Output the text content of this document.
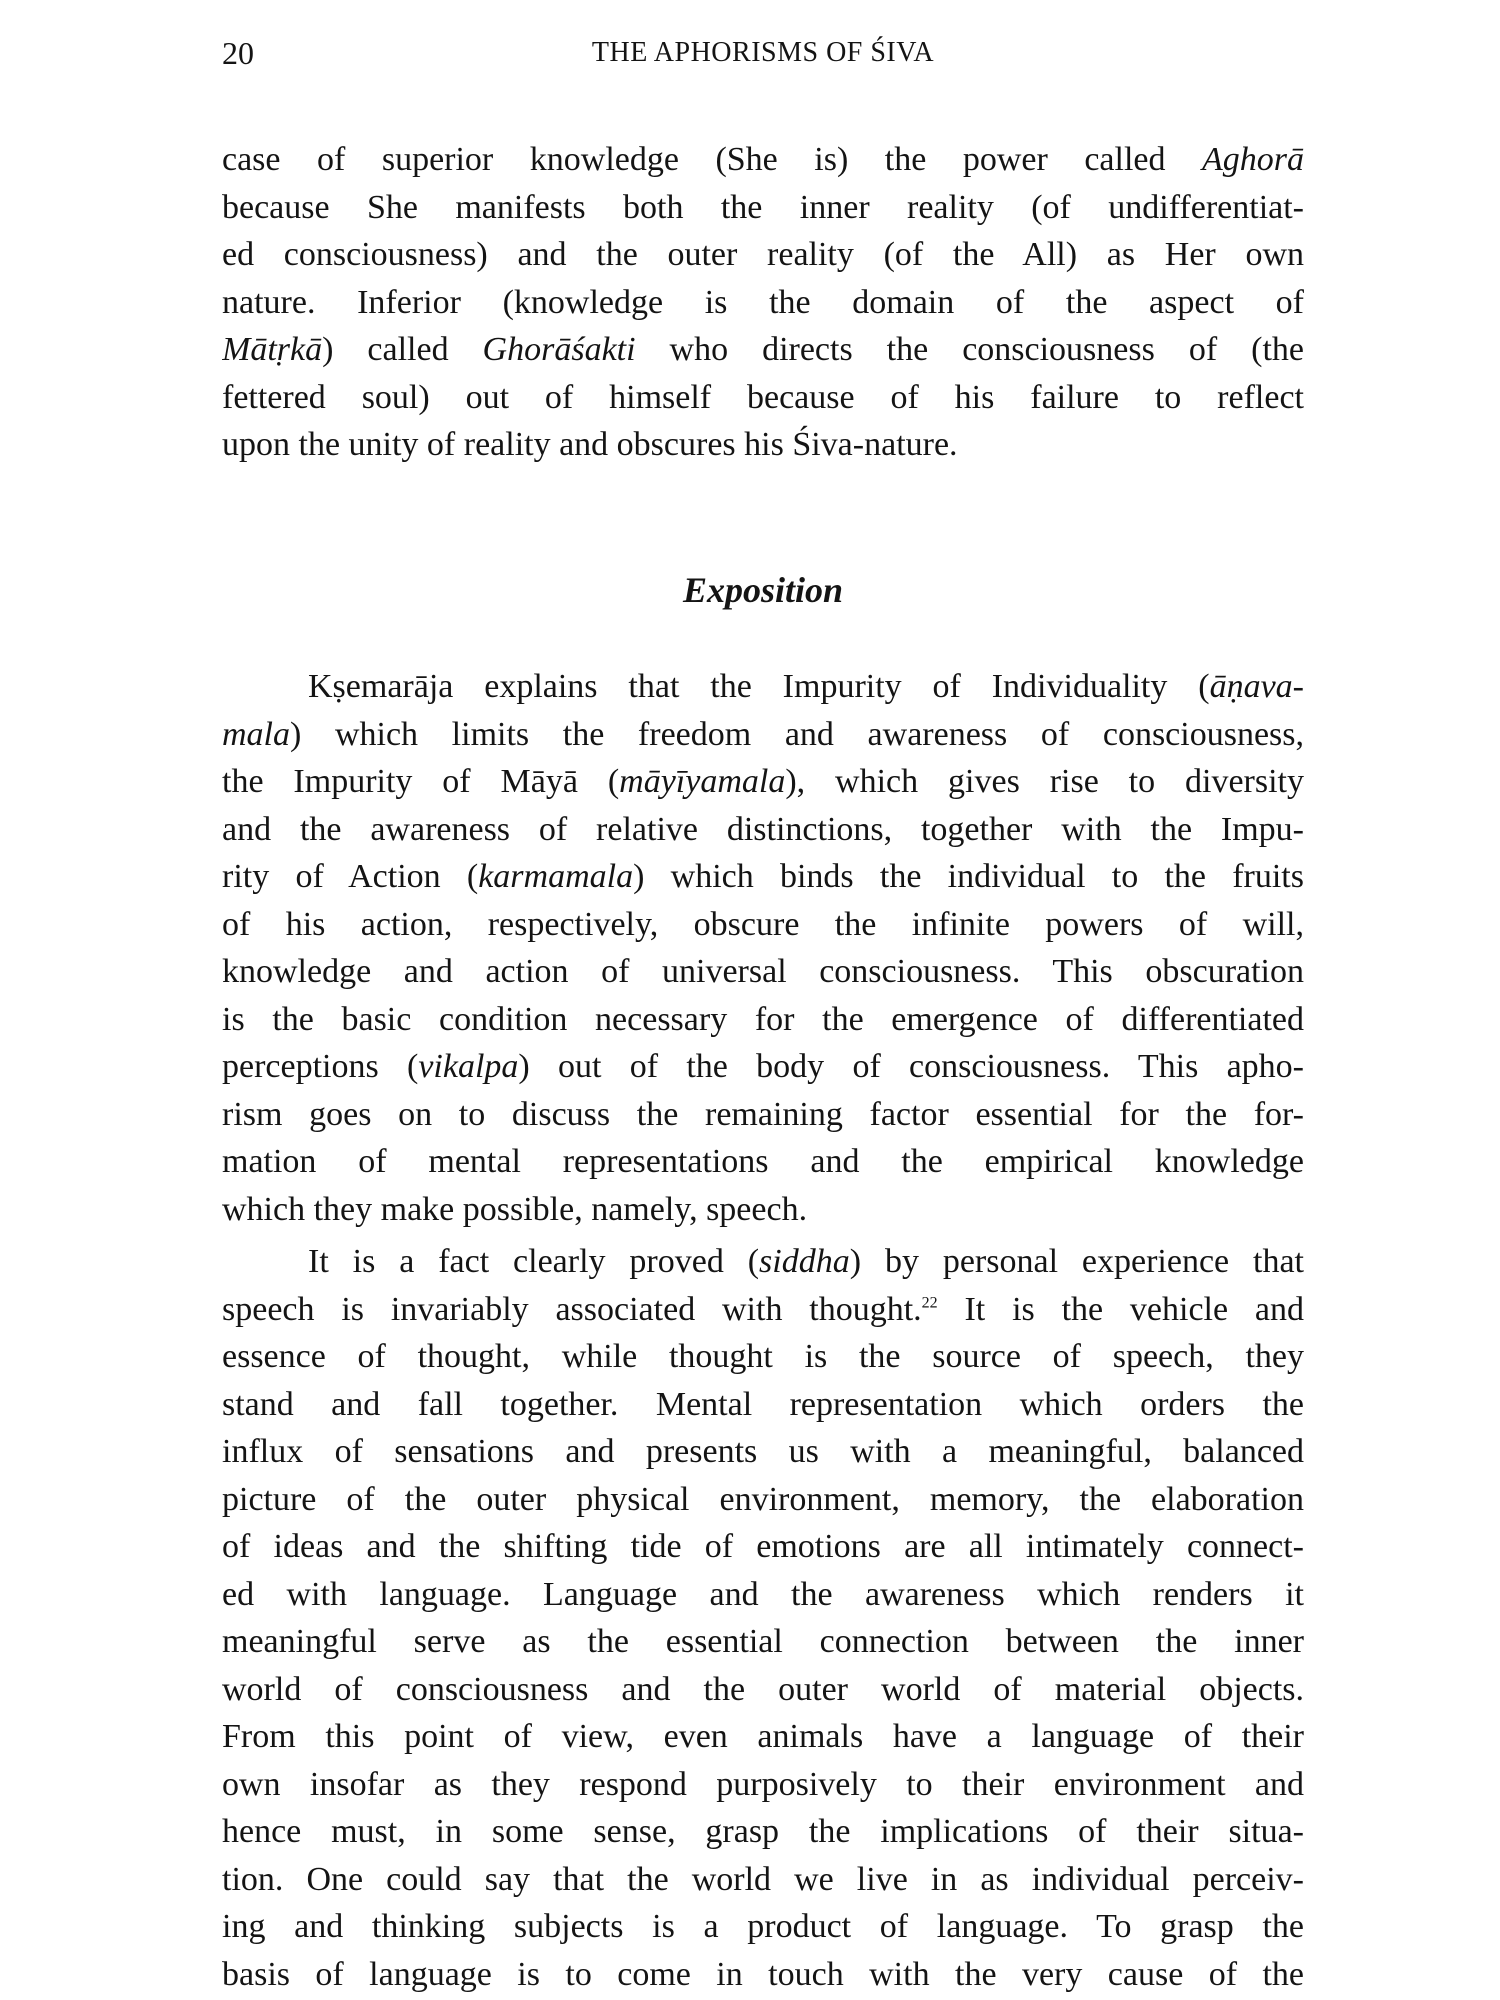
20	THE APHORISMS OF ŚIVA
case of superior knowledge (She is) the power called Aghorā
because She manifests both the inner reality (of undifferentiat-
ed consciousness) and the outer reality (of the All) as Her own
nature. Inferior (knowledge is the domain of the aspect of
Mātṛkā) called Ghorāśakti who directs the consciousness of (the
fettered soul) out of himself because of his failure to reflect
upon the unity of reality and obscures his Śiva-nature.
Exposition
Kṣemarāja explains that the Impurity of Individuality (āṇava-
mala) which limits the freedom and awareness of consciousness,
the Impurity of Māyā (māyīyamala), which gives rise to diversity
and the awareness of relative distinctions, together with the Impu-
rity of Action (karmamala) which binds the individual to the fruits
of his action, respectively, obscure the infinite powers of will,
knowledge and action of universal consciousness. This obscuration
is the basic condition necessary for the emergence of differentiated
perceptions (vikalpa) out of the body of consciousness. This apho-
rism goes on to discuss the remaining factor essential for the for-
mation of mental representations and the empirical knowledge
which they make possible, namely, speech.
It is a fact clearly proved (siddha) by personal experience that
speech is invariably associated with thought.$^{22}$ It is the vehicle and
essence of thought, while thought is the source of speech, they
stand and fall together. Mental representation which orders the
influx of sensations and presents us with a meaningful, balanced
picture of the outer physical environment, memory, the elaboration
of ideas and the shifting tide of emotions are all intimately connect-
ed with language. Language and the awareness which renders it
meaningful serve as the essential connection between the inner
world of consciousness and the outer world of material objects.
From this point of view, even animals have a language of their
own insofar as they respond purposively to their environment and
hence must, in some sense, grasp the implications of their situa-
tion. One could say that the world we live in as individual perceiv-
ing and thinking subjects is a product of language. To grasp the
basis of language is to come in touch with the very cause of the
